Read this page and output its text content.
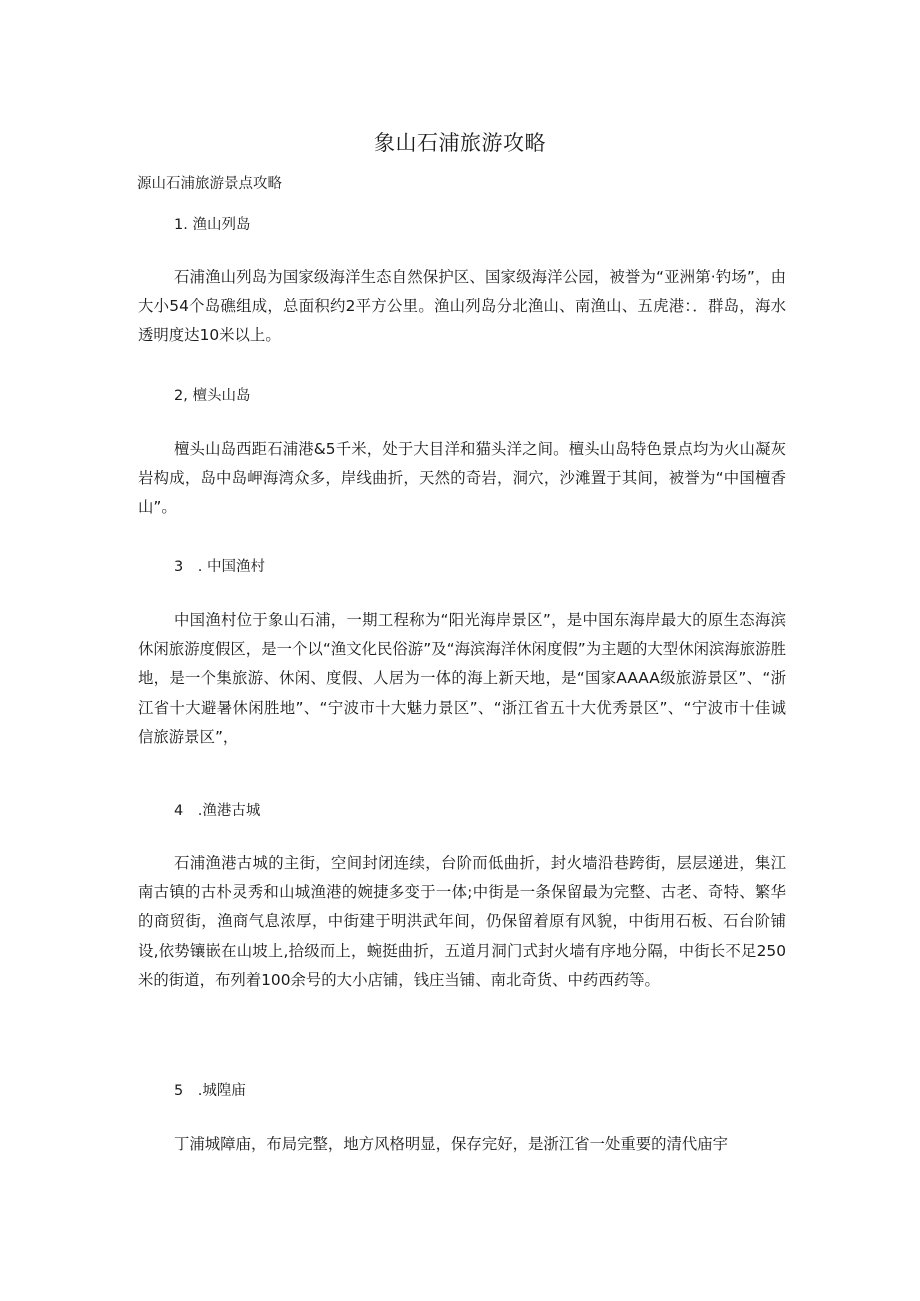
象山石浦旅游攻略
源山石浦旅游景点攻略
1. 渔山列岛

石浦渔山列岛为国家级海洋生态自然保护区、国家级海洋公园，被誉为“亚洲第·钓场”，由大小54个岛礁组成，总面积约2平方公里。渔山列岛分北渔山、南渔山、五虎港：．群岛，海水透明度达10米以上。

2, 檀头山岛

檀头山岛西距石浦港&5千米，处于大目洋和猫头洋之间。檀头山岛特色景点均为火山凝灰岩构成，岛中岛岬海湾众多，岸线曲折，天然的奇岩，洞穴，沙滩置于其间，被誉为“中国檀香山”。

3　. 中国渔村

中国渔村位于象山石浦，一期工程称为“阳光海岸景区”，是中国东海岸最大的原生态海滨休闲旅游度假区，是一个以“渔文化民俗游”及“海滨海洋休闲度假”为主题的大型休闲滨海旅游胜地，是一个集旅游、休闲、度假、人居为一体的海上新天地，是“国家AAAA级旅游景区”、“浙江省十大避暑休闲胜地”、“宁波市十大魅力景区”、“浙江省五十大优秀景区”、“宁波市十佳诚信旅游景区”，

4　.渔港古城

石浦渔港古城的主街，空间封闭连续，台阶而低曲折，封火墙沿巷跨街，层层递进，集江南古镇的古朴灵秀和山城渔港的婉捷多变于一体;中街是一条保留最为完整、古老、奇特、繁华的商贸街，渔商气息浓厚，中街建于明洪武年间，仍保留着原有风貌，中街用石板、石台阶铺设,依势镶嵌在山坡上,拾级而上，蜿挺曲折，五道月洞门式封火墙有序地分隔，中街长不足250米的街道，布列着100余号的大小店铺，钱庄当铺、南北奇货、中药西药等。

5　.城隍庙

丁浦城障庙，布局完整，地方风格明显，保存完好，是浙江省一处重要的清代庙宇
